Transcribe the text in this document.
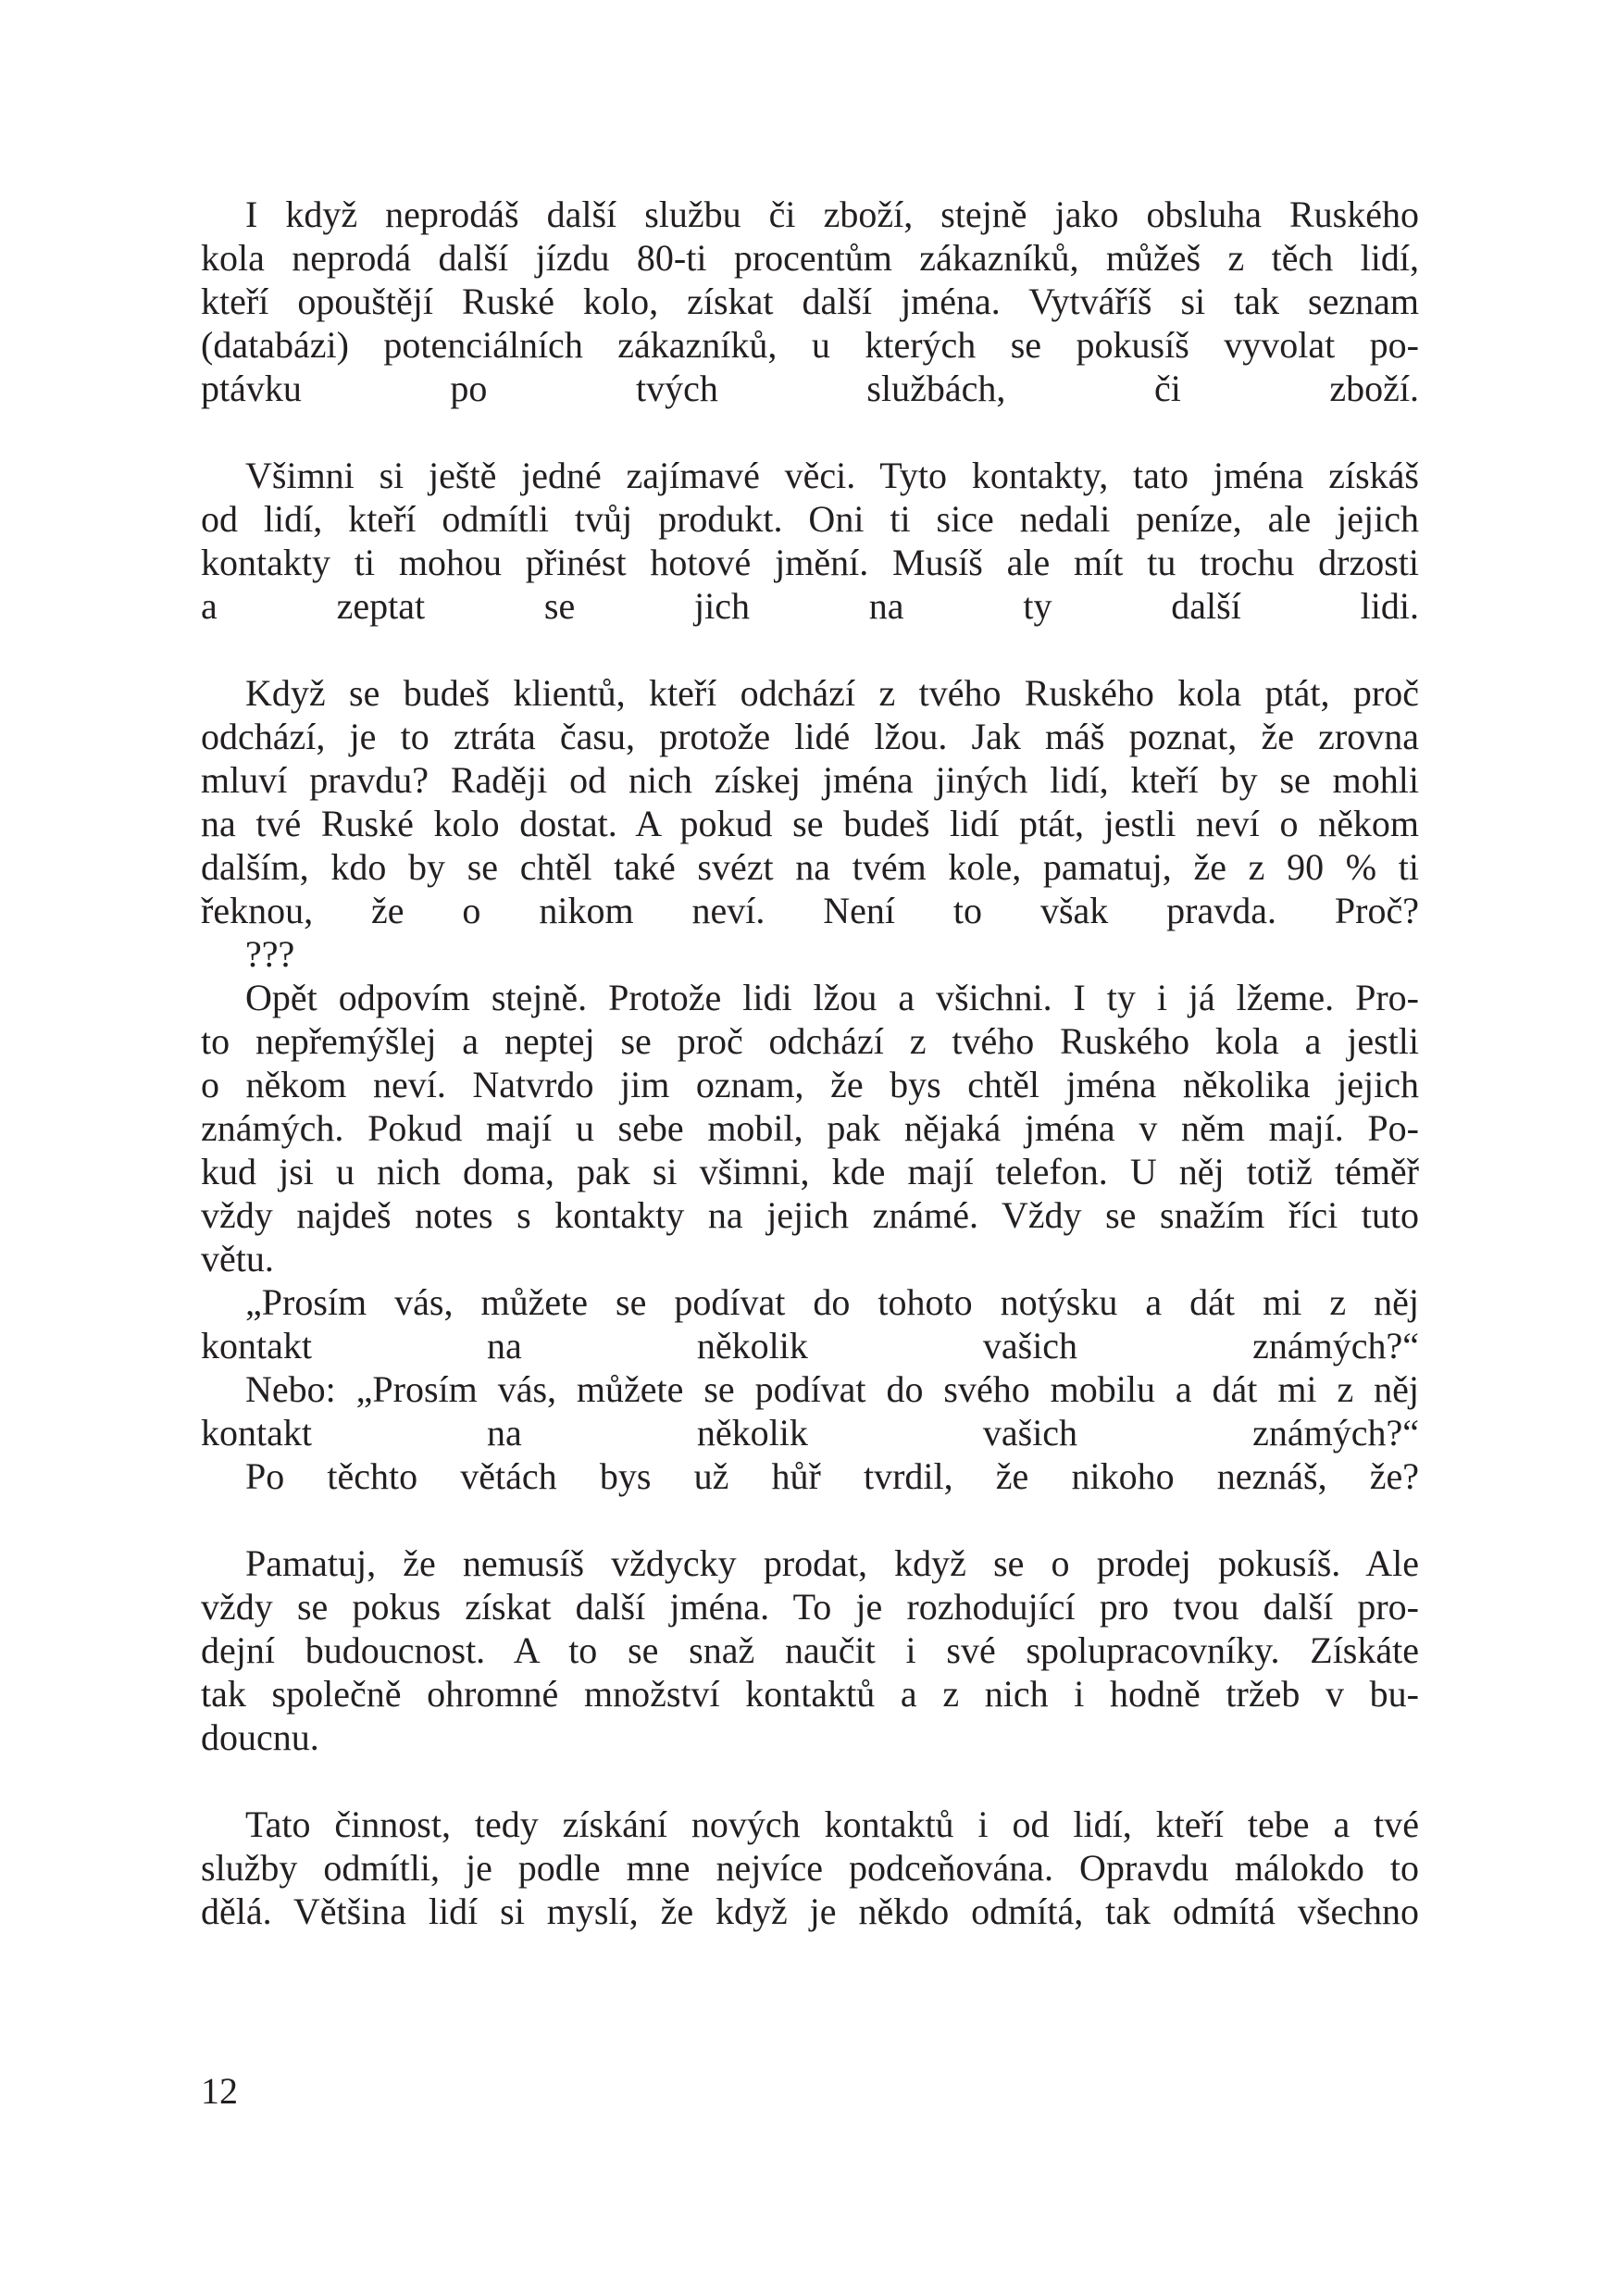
I když neprodáš další službu či zboží, stejně jako obsluha Ruského
kola neprodá další jízdu 80-ti procentům zákazníků, můžeš z těch lidí,
kteří opouštějí Ruské kolo, získat další jména. Vytváříš si tak seznam
(databázi) potenciálních zákazníků, u kterých se pokusíš vyvolat po-
ptávku po tvých službách, či zboží.
Všimni si ještě jedné zajímavé věci. Tyto kontakty, tato jména získáš
od lidí, kteří odmítli tvůj produkt. Oni ti sice nedali peníze, ale jejich
kontakty ti mohou přinést hotové jmění. Musíš ale mít tu trochu drzosti
a zeptat se jich na ty další lidi.
Když se budeš klientů, kteří odchází z tvého Ruského kola ptát, proč
odchází, je to ztráta času, protože lidé lžou. Jak máš poznat, že zrovna
mluví pravdu? Raději od nich získej jména jiných lidí, kteří by se mohli
na tvé Ruské kolo dostat. A pokud se budeš lidí ptát, jestli neví o někom
dalším, kdo by se chtěl také svézt na tvém kole, pamatuj, že z 90 % ti
řeknou, že o nikom neví. Není to však pravda. Proč?
???
Opět odpovím stejně. Protože lidi lžou a všichni. I ty i já lžeme. Pro-
to nepřemýšlej a neptej se proč odchází z tvého Ruského kola a jestli
o někom neví. Natvrdo jim oznam, že bys chtěl jména několika jejich
známých. Pokud mají u sebe mobil, pak nějaká jména v něm mají. Po-
kud jsi u nich doma, pak si všimni, kde mají telefon. U něj totiž téměř
vždy najdeš notes s kontakty na jejich známé. Vždy se snažím říci tuto
větu.
„Prosím vás, můžete se podívat do tohoto notýsku a dát mi z něj
kontakt na několik vašich známých?“
Nebo: „Prosím vás, můžete se podívat do svého mobilu a dát mi z něj
kontakt na několik vašich známých?“
Po těchto větách bys už hůř tvrdil, že nikoho neznáš, že?
Pamatuj, že nemusíš vždycky prodat, když se o prodej pokusíš. Ale
vždy se pokus získat další jména. To je rozhodující pro tvou další pro-
dejní budoucnost. A to se snaž naučit i své spolupracovníky. Získáte
tak společně ohromné množství kontaktů a z nich i hodně tržeb v bu-
doucnu.
Tato činnost, tedy získání nových kontaktů i od lidí, kteří tebe a tvé
služby odmítli, je podle mne nejvíce podceňována. Opravdu málokdo to
dělá. Většina lidí si myslí, že když je někdo odmítá, tak odmítá všechno
12
